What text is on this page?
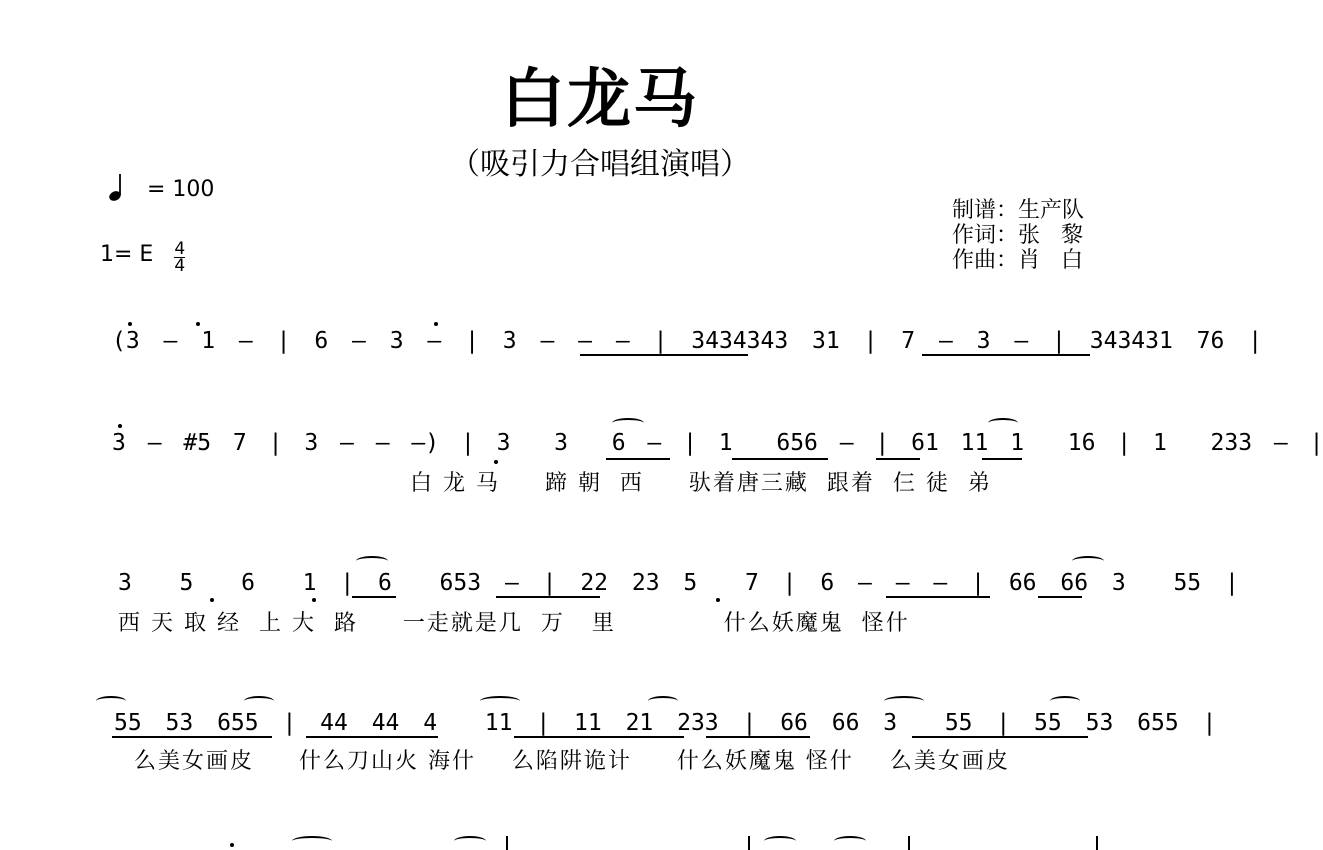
白龙马
（吸引力合唱组演唱）
= 100
1= E $\frac{4}{4}$
制谱：生产队
作词：张   黎
作曲：肖   白
(3 — 1 — | 6 — 3 — | 3 — — — | 3434343 31 | 7 — 3 — | 343431 76 |
3 — #5 7 | 3 — — —) | 3  3  6 — | 1  656 — | 61 11 1  16 | 1  233 — |
白 龙 马     蹄 朝  西     驮着唐三藏  跟着  仨 徒  弟
3  5  6  1 | 6  653 — | 22 23 5  7 | 6 — — — | 66 66 3  55 |
西 天 取 经  上 大  路     一走就是几  万   里            什么妖魔鬼  怪什
55 53 655 | 44 44 4  11 | 11 21 233 | 66 66 3  55 | 55 53 655 |
么美女画皮     什么刀山火 海什    么陷阱诡计     什么妖魔鬼 怪什    么美女画皮
